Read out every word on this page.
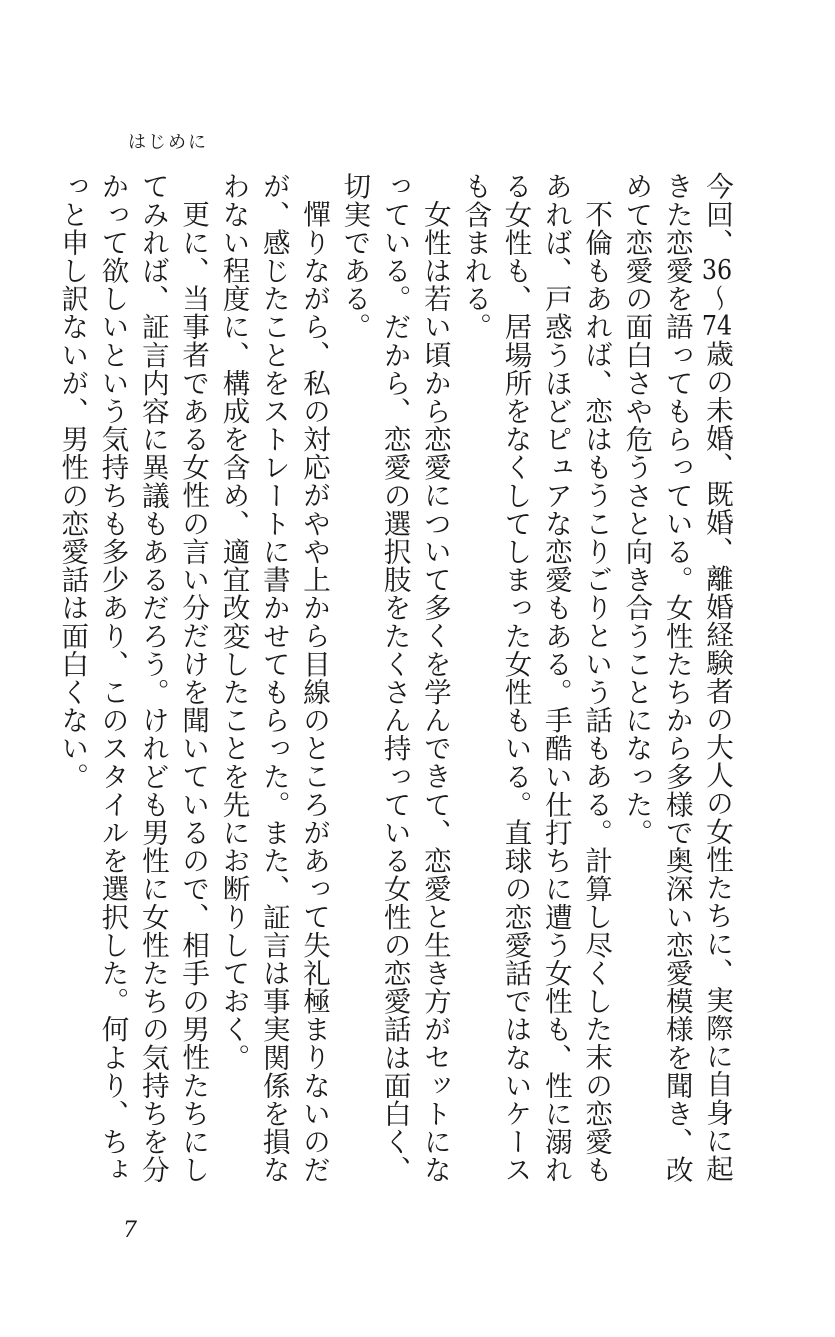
はじめに

今回、36〜74歳の未婚、既婚、離婚経験者の大人の女性たちに、実際に自身に起きた恋愛を語ってもらっている。女性たちから多様で奥深い恋愛模様を聞き、改めて恋愛の面白さや危うさと向き合うことになった。

不倫もあれば、恋はもうこりごりという話もある。計算し尽くした末の恋愛もあれば、戸惑うほどピュアな恋愛もある。手酷い仕打ちに遭う女性も、性に溺れる女性も、居場所をなくしてしまった女性もいる。直球の恋愛話ではないケースも含まれる。

女性は若い頃から恋愛について多くを学んできて、恋愛と生き方がセットになっている。だから、恋愛の選択肢をたくさん持っている女性の恋愛話は面白く、切実である。

憚りながら、私の対応がやや上から目線のところがあって失礼極まりないのだが、感じたことをストレートに書かせてもらった。また、証言は事実関係を損なわない程度に、構成を含め、適宜改変したことを先にお断りしておく。

更に、当事者である女性の言い分だけを聞いているので、相手の男性たちにしてみれば、証言内容に異議もあるだろう。けれども男性に女性たちの気持ちを分かって欲しいという気持ちも多少あり、このスタイルを選択した。何より、ちょっと申し訳ないが、男性の恋愛話は面白くない。

7
